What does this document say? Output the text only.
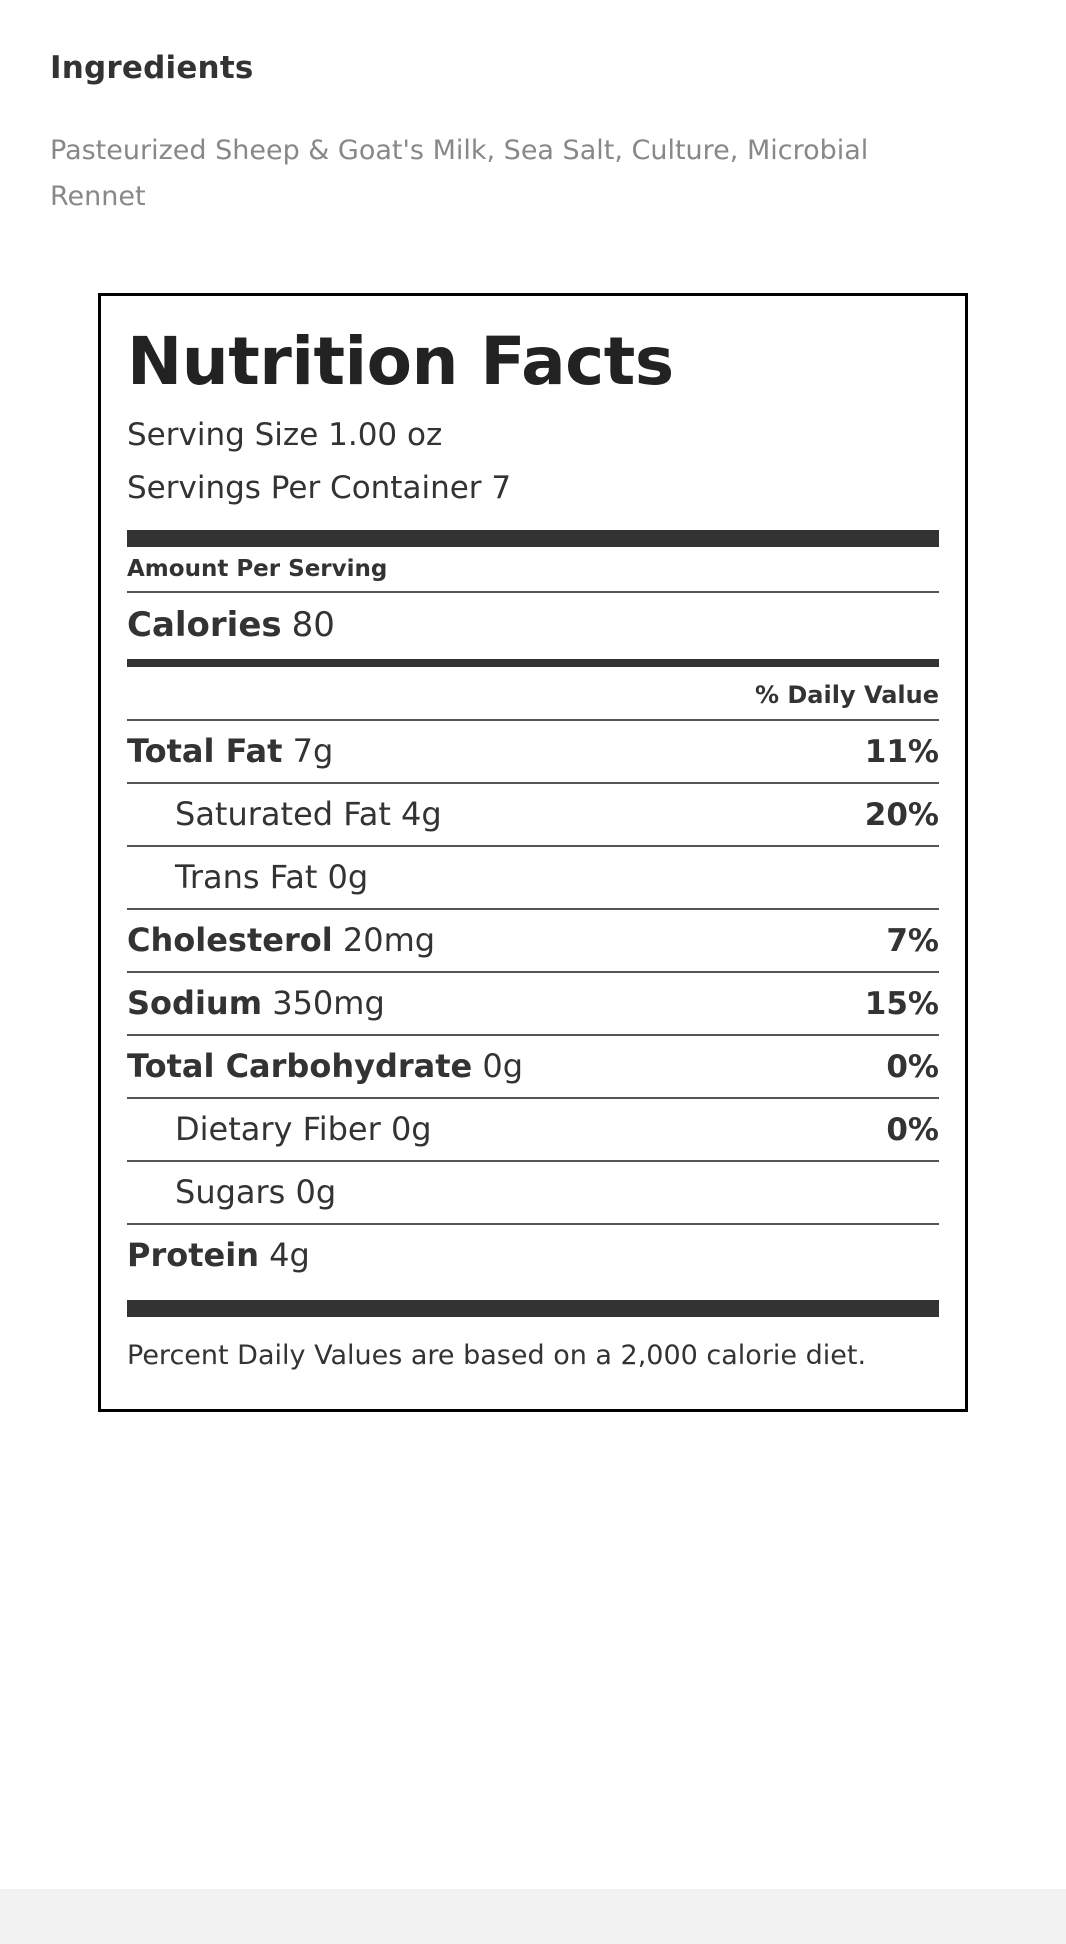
Ingredients

Pasteurized Sheep & Goat's Milk, Sea Salt, Culture, Microbial Rennet

Nutrition Facts
Serving Size 1.00 oz
Servings Per Container 7
Amount Per Serving
Calories 80
% Daily Value
Total Fat 7g	11%
Saturated Fat 4g	20%
Trans Fat 0g
Cholesterol 20mg	7%
Sodium 350mg	15%
Total Carbohydrate 0g	0%
Dietary Fiber 0g	0%
Sugars 0g
Protein 4g
Percent Daily Values are based on a 2,000 calorie diet.
